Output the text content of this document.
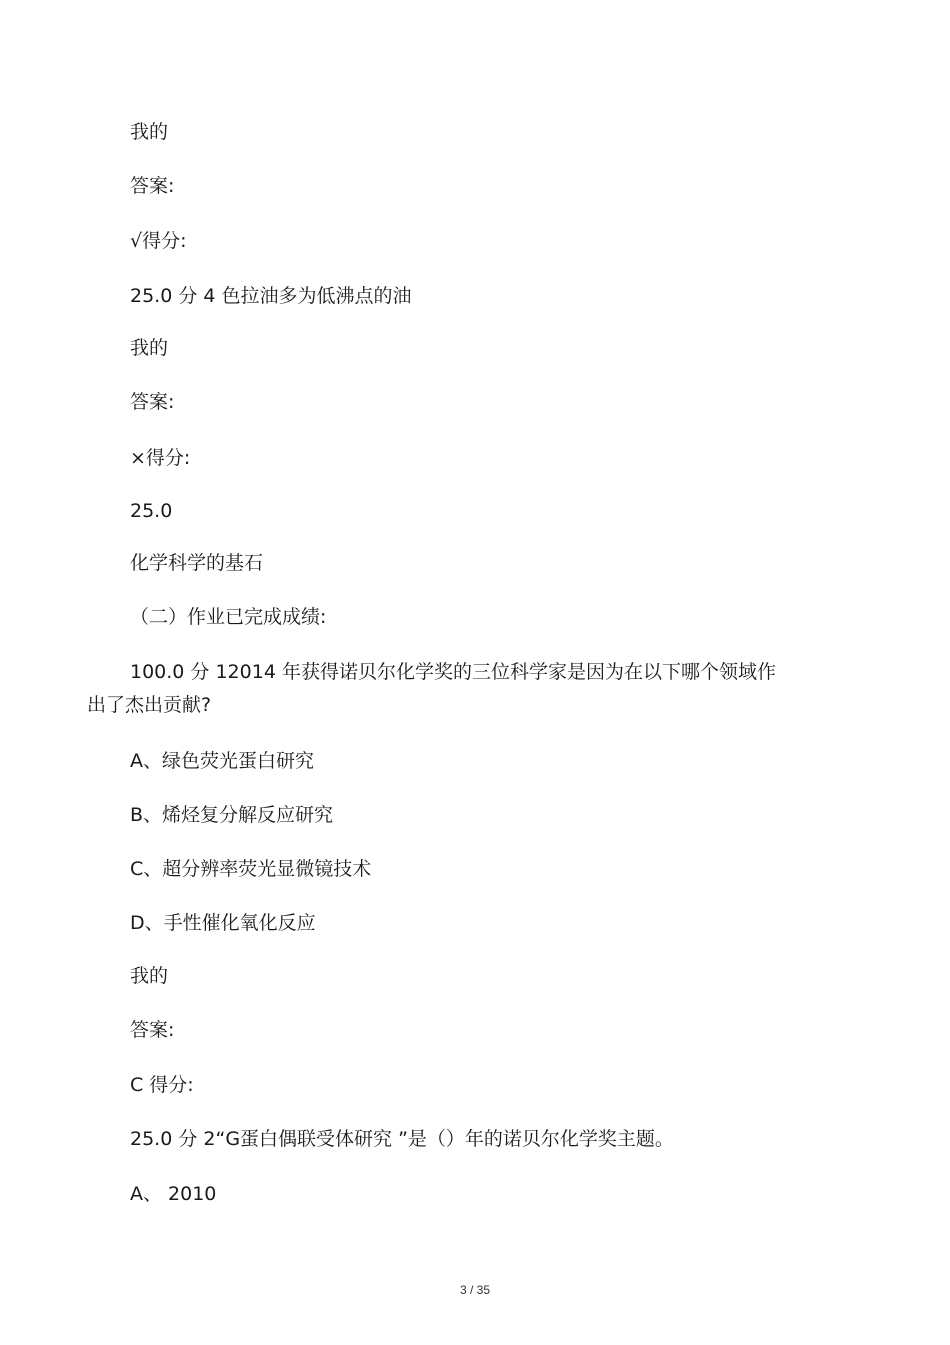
我的
答案:
√得分:
25.0 分 4 色拉油多为低沸点的油
我的
答案:
×得分:
25.0
化学科学的基石
（二）作业已完成成绩:
100.0 分 12014 年获得诺贝尔化学奖的三位科学家是因为在以下哪个领域作
出了杰出贡献?
A、绿色荧光蛋白研究
B、烯烃复分解反应研究
C、超分辨率荧光显微镜技术
D、手性催化氧化反应
我的
答案:
C 得分:
25.0 分 2“G蛋白偶联受体研究 ”是（）年的诺贝尔化学奖主题。
A、 2010
3 / 35
